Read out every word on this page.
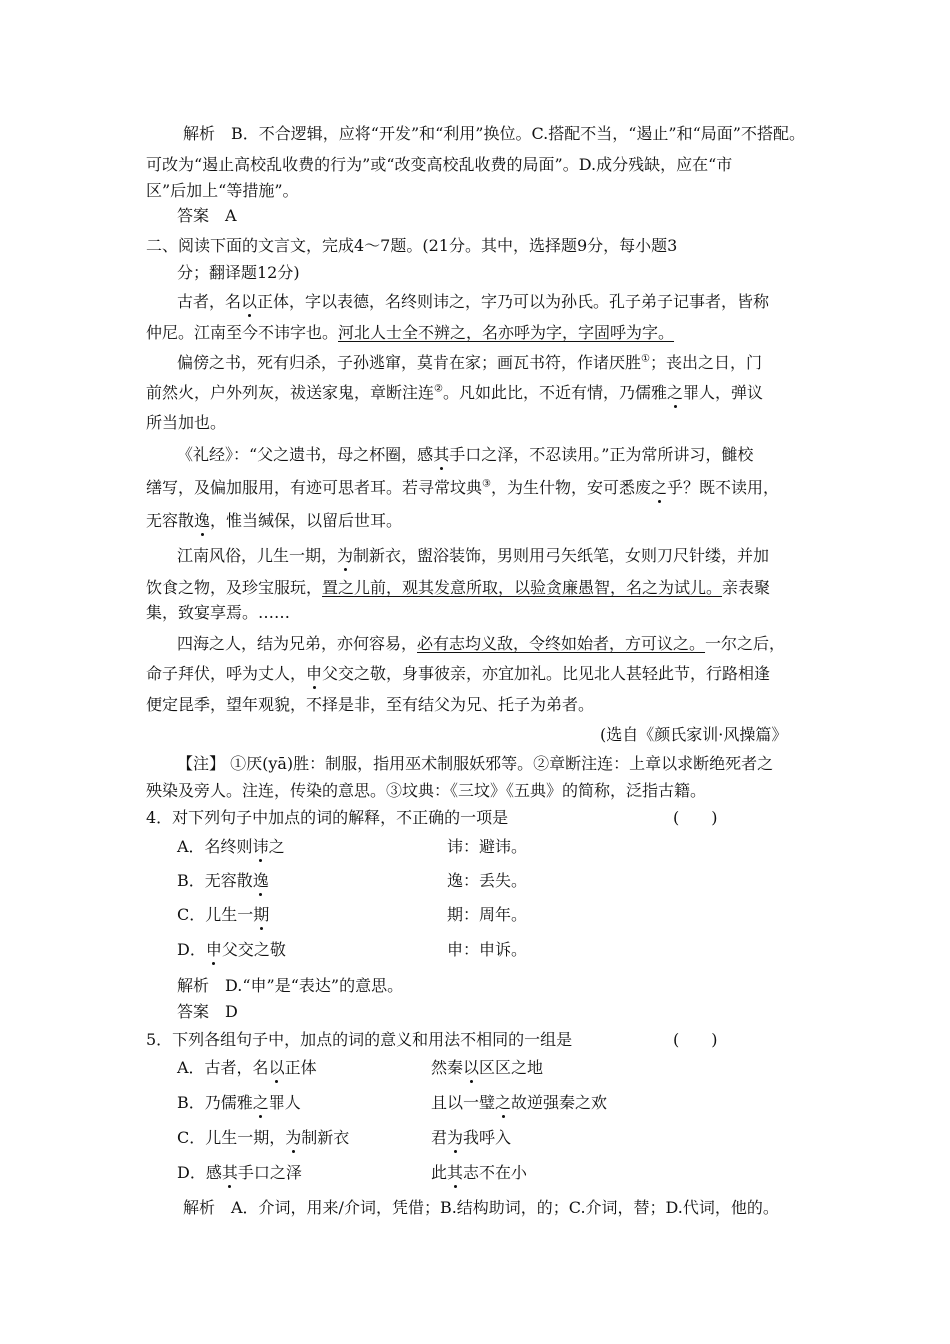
解析　B．不合逻辑，应将“开发”和“利用”换位。C.搭配不当，“遏止”和“局面”不搭配。
可改为“遏止高校乱收费的行为”或“改变高校乱收费的局面”。D.成分残缺，应在“市
区”后加上“等措施”。
答案　A
二、阅读下面的文言文，完成4～7题。(21分。其中，选择题9分，每小题3
分；翻译题12分)
古者，名以正体，字以表德，名终则讳之，字乃可以为孙氏。孔子弟子记事者，皆称
仲尼。江南至今不讳字也。河北人士全不辨之，名亦呼为字，字固呼为字。
偏傍之书，死有归杀，子孙逃窜，莫肯在家；画瓦书符，作诸厌胜①；丧出之日，门
前然火，户外列灰，祓送家鬼，章断注连②。凡如此比，不近有情，乃儒雅之罪人，弹议
所当加也。
《礼经》：“父之遗书，母之杯圈，感其手口之泽，不忍读用。”正为常所讲习，雠校
缮写，及偏加服用，有迹可思者耳。若寻常坟典③，为生什物，安可悉废之乎？既不读用，
无容散逸，惟当缄保，以留后世耳。
江南风俗，儿生一期，为制新衣，盥浴装饰，男则用弓矢纸笔，女则刀尺针缕，并加
饮食之物，及珍宝服玩，置之儿前，观其发意所取，以验贪廉愚智，名之为试儿。亲表聚
集，致宴享焉。……
四海之人，结为兄弟，亦何容易，必有志均义敌，令终如始者，方可议之。一尔之后，
命子拜伏，呼为丈人，申父交之敬，身事彼亲，亦宜加礼。比见北人甚轻此节，行路相逢
便定昆季，望年观貌，不择是非，至有结父为兄、托子为弟者。
(选自《颜氏家训·风操篇》
【注】 ①厌(yā)胜：制服，指用巫术制服妖邪等。②章断注连：上章以求断绝死者之
殃染及旁人。注连，传染的意思。③坟典：《三坟》《五典》的简称，泛指古籍。
4．对下列句子中加点的词的解释，不正确的一项是	(　　)
A．名终则讳之	讳：避讳。
B．无容散逸	逸：丢失。
C．儿生一期	期：周年。
D．申父交之敬	申：申诉。
解析　D.“申”是“表达”的意思。
答案　D
5．下列各组句子中，加点的词的意义和用法不相同的一组是	(　　)
A．古者，名以正体	然秦以区区之地
B．乃儒雅之罪人	且以一璧之故逆强秦之欢
C．儿生一期，为制新衣	君为我呼入
D．感其手口之泽	此其志不在小
解析　A．介词，用来/介词，凭借；B.结构助词，的；C.介词，替；D.代词，他的。
